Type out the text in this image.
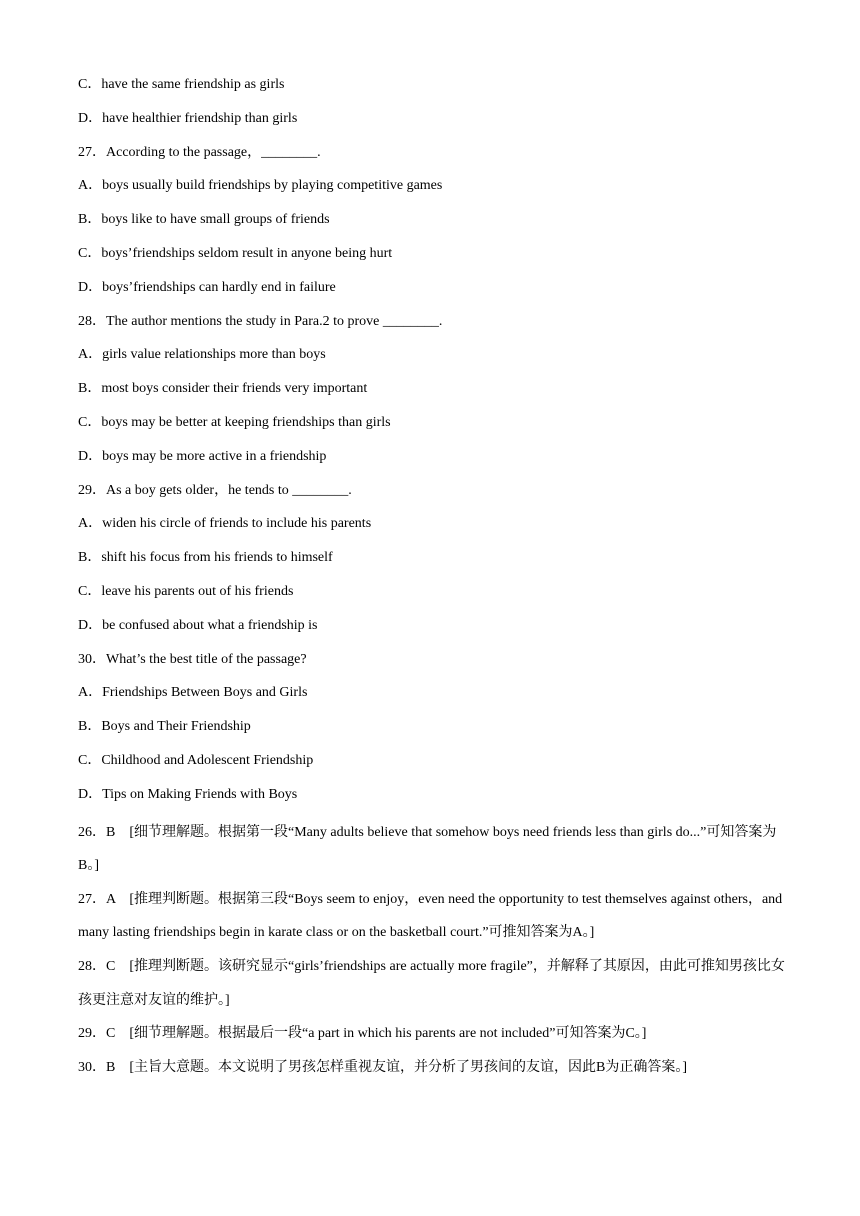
C．have the same friendship as girls
D．have healthier friendship than girls
27．According to the passage，________.
A．boys usually build friendships by playing competitive games
B．boys like to have small groups of friends
C．boys’friendships seldom result in anyone being hurt
D．boys’friendships can hardly end in failure
28．The author mentions the study in Para.2 to prove ________.
A．girls value relationships more than boys
B．most boys consider their friends very important
C．boys may be better at keeping friendships than girls
D．boys may be more active in a friendship
29．As a boy gets older，he tends to ________.
A．widen his circle of friends to include his parents
B．shift his focus from his friends to himself
C．leave his parents out of his friends
D．be confused about what a friendship is
30．What’s the best title of the passage?
A．Friendships Between Boys and Girls
B．Boys and Their Friendship
C．Childhood and Adolescent Friendship
D．Tips on Making Friends with Boys
26．B　[细节理解题。根据第一段“Many adults believe that somehow boys need friends less than girls do...”可知答案为B。]
27．A　[推理判断题。根据第三段“Boys seem to enjoy，even need the opportunity to test themselves against others，and many lasting friendships begin in karate class or on the basketball court.”可推知答案为A。]
28．C　[推理判断题。该研究显示“girls’friendships are actually more fragile”，并解释了其原因，由此可推知男孩比女孩更注意对友谊的维护。]
29．C　[细节理解题。根据最后一段“a part in which his parents are not included”可知答案为C。]
30．B　[主旨大意题。本文说明了男孩怎样重视友谊，并分析了男孩间的友谊，因此B为正确答案。]
